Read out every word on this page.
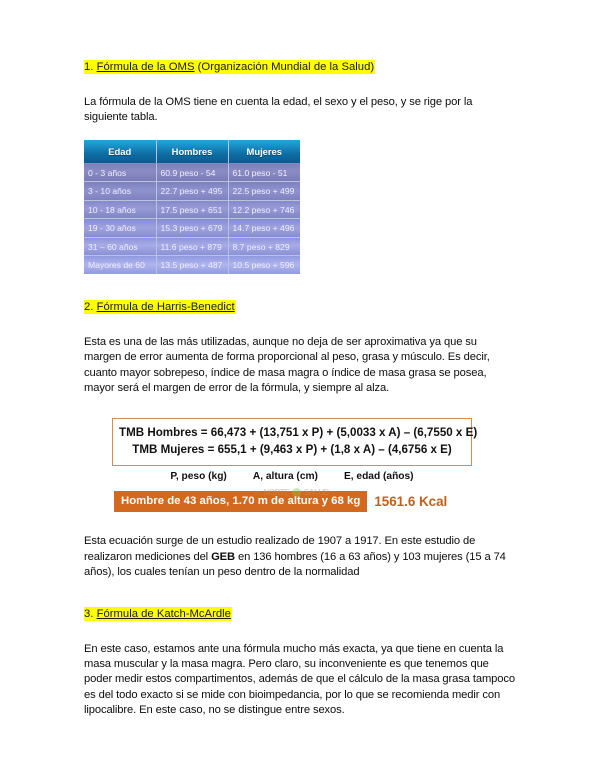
1. Fórmula de la OMS (Organización Mundial de la Salud)

La fórmula de la OMS tiene en cuenta la edad, el sexo y el peso, y se rige por la siguiente tabla.

Edad	Hombres	Mujeres
0 - 3 años	60.9 peso - 54	61.0 peso - 51
3 - 10 años	22.7 peso + 495	22.5 peso + 499
10 - 18 años	17.5 peso + 651	12.2 peso + 746
19 - 30 años	15.3 peso + 679	14.7 peso + 496
31 – 60 años	11.6 peso + 879	8.7 peso + 829
Mayores de 60	13.5 peso + 487	10.5 peso + 596

2. Fórmula de Harris-Benedict

Esta es una de las más utilizadas, aunque no deja de ser aproximativa ya que su margen de error aumenta de forma proporcional al peso, grasa y músculo. Es decir, cuanto mayor sobrepeso, índice de masa magra o índice de masa grasa se posea, mayor será el margen de error de la fórmula, y siempre al alza.

TMB Hombres = 66,473 + (13,751 x P) + (5,0033 x A) – (6,7550 x E)
TMB Mujeres = 655,1 + (9,463 x P) + (1,8 x A) – (4,6756 x E)
P, peso (kg)	A, altura (cm)	E, edad (años)
by NORTE SALUD
Hombre de 43 años, 1.70 m de altura y 68 kg	1561.6 Kcal

Esta ecuación surge de un estudio realizado de 1907 a 1917. En este estudio de realizaron mediciones del GEB en 136 hombres (16 a 63 años) y 103 mujeres (15 a 74 años), los cuales tenían un peso dentro de la normalidad

3. Fórmula de Katch-McArdle

En este caso, estamos ante una fórmula mucho más exacta, ya que tiene en cuenta la masa muscular y la masa magra. Pero claro, su inconveniente es que tenemos que poder medir estos compartimentos, además de que el cálculo de la masa grasa tampoco es del todo exacto si se mide con bioimpedancia, por lo que se recomienda medir con lipocalibre. En este caso, no se distingue entre sexos.
